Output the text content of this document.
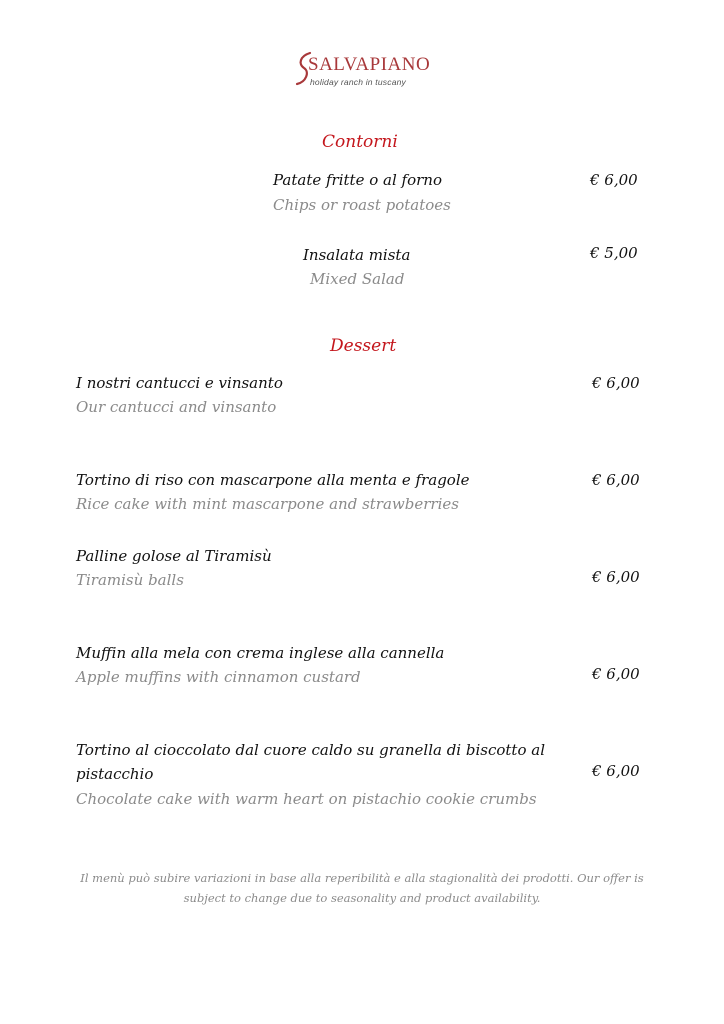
SALVAPIANO
holiday ranch in tuscany
Contorni
Patate fritte o al forno
Chips or roast potatoes
€ 6,00
Insalata mista
Mixed Salad
€ 5,00
Dessert
I nostri cantucci e vinsanto
Our cantucci and vinsanto
€ 6,00
Tortino di riso con mascarpone alla menta e fragole
Rice cake with mint mascarpone and strawberries
€ 6,00
Palline golose al Tiramisù
Tiramisù balls	€ 6,00
Muffin alla mela con crema inglese alla cannella
Apple muffins with cinnamon custard	€ 6,00
Tortino al cioccolato dal cuore caldo su granella di biscotto al
pistacchio
Chocolate cake with warm heart on pistachio cookie crumbs
€ 6,00
Il menù può subire variazioni in base alla reperibilità e alla stagionalità dei prodotti. Our offer is subject to change due to seasonality and product availability.
